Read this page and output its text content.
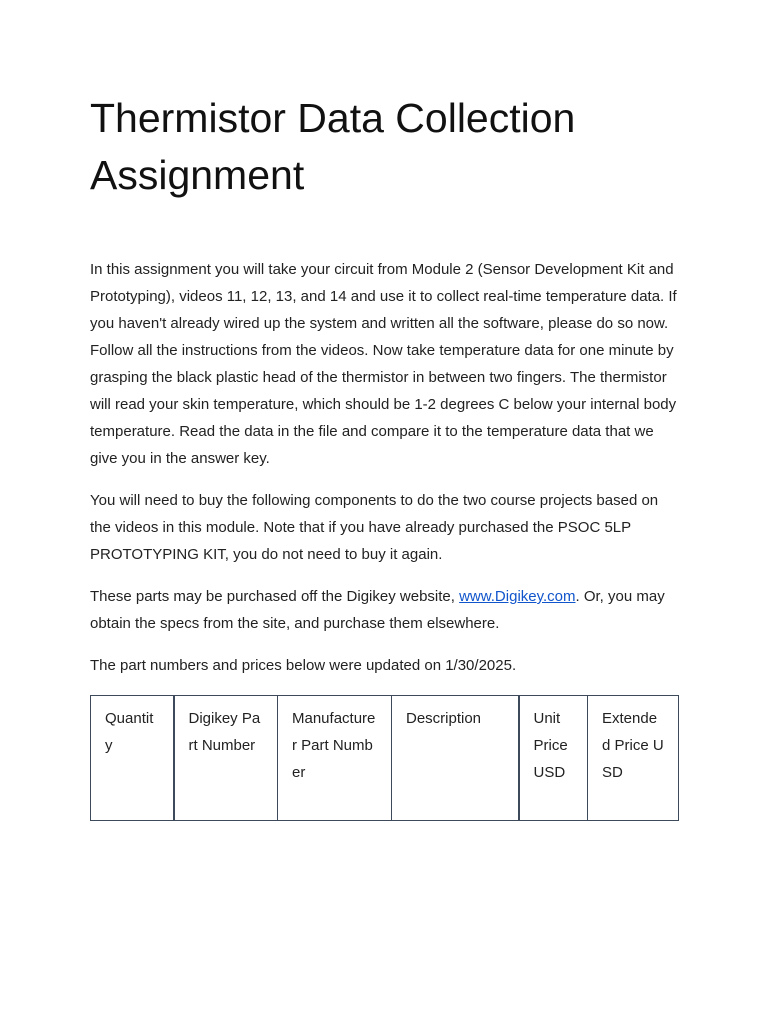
Thermistor Data Collection Assignment

In this assignment you will take your circuit from Module 2 (Sensor Development Kit and Prototyping), videos 11, 12, 13, and 14 and use it to collect real-time temperature data. If you haven't already wired up the system and written all the software, please do so now. Follow all the instructions from the videos. Now take temperature data for one minute by grasping the black plastic head of the thermistor in between two fingers. The thermistor will read your skin temperature, which should be 1-2 degrees C below your internal body temperature. Read the data in the file and compare it to the temperature data that we give you in the answer key.

You will need to buy the following components to do the two course projects based on the videos in this module. Note that if you have already purchased the PSOC 5LP PROTOTYPING KIT, you do not need to buy it again.

These parts may be purchased off the Digikey website, www.Digikey.com. Or, you may obtain the specs from the site, and purchase them elsewhere.

The part numbers and prices below were updated on 1/30/2025.

Quantity	Digikey Part Number	Manufacturer Part Number	Description	Unit Price USD	Extended Price USD
